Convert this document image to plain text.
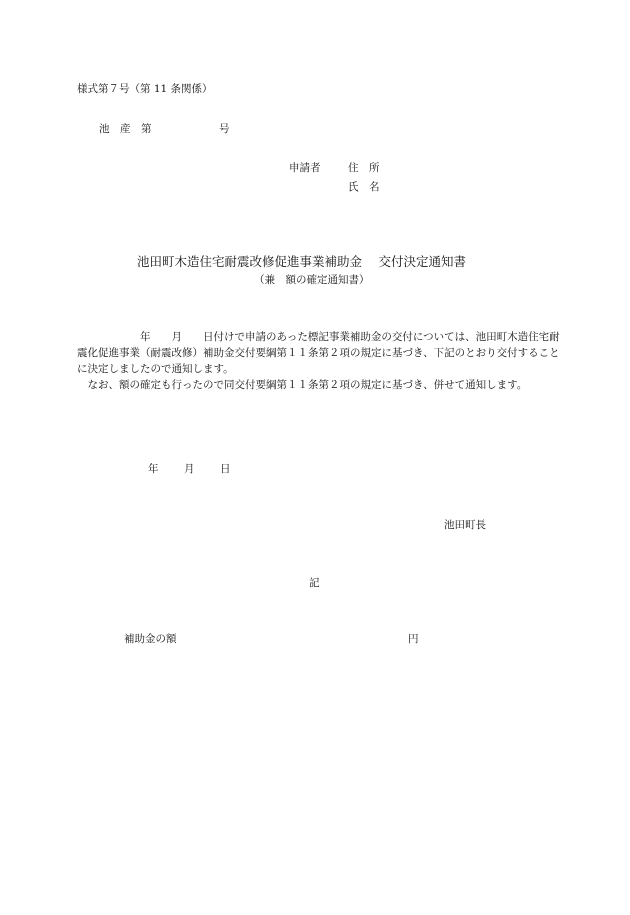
様式第７号（第 11 条関係）
池　産　第	号
申請者	住　所
氏　名
池田町木造住宅耐震改修促進事業補助金　 交付決定通知書
（兼　額の確定通知書）

　　　　　　年　　月　　日付けで申請のあった標記事業補助金の交付については、池田町木造住宅耐震化促進事業（耐震改修）補助金交付要綱第１１条第２項の規定に基づき、下記のとおり交付することに決定しましたので通知します。

　なお、額の確定も行ったので同交付要綱第１１条第２項の規定に基づき、併せて通知します。

年 月 日
池田町長
記
補助金の額	円
